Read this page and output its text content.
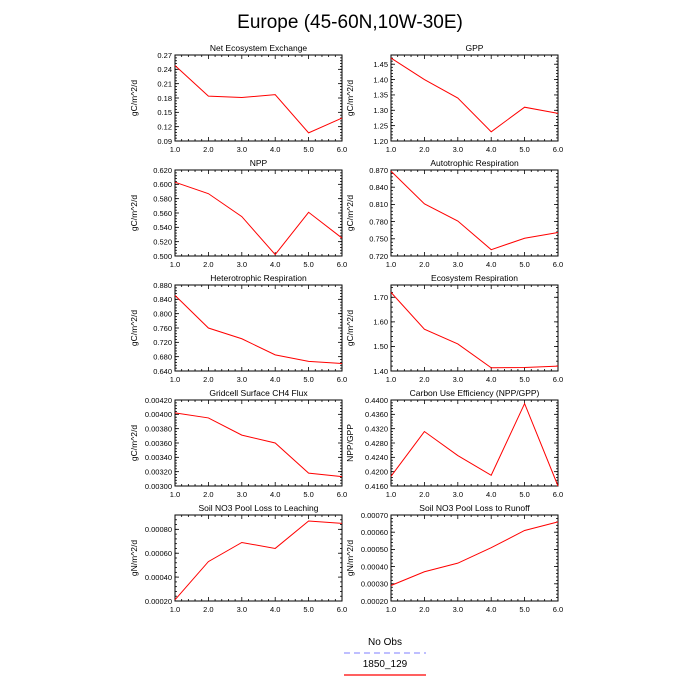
Europe (45-60N,10W-30E)
Net Ecosystem Exchange
gC/m^2/d
1.0	2.0	3.0	4.0	5.0	6.0
0.09
0.12
0.15
0.18
0.21
0.24
0.27
GPP
gC/m^2/d
1.0	2.0	3.0	4.0	5.0	6.0
1.20
1.25
1.30
1.35
1.40
1.45
NPP
gC/m^2/d
1.0	2.0	3.0	4.0	5.0	6.0
0.500
0.520
0.540
0.560
0.580
0.600
0.620
Autotrophic Respiration
gC/m^2/d
1.0	2.0	3.0	4.0	5.0	6.0
0.720
0.750
0.780
0.810
0.840
0.870
Heterotrophic Respiration
gC/m^2/d
1.0	2.0	3.0	4.0	5.0	6.0
0.640
0.680
0.720
0.760
0.800
0.840
0.880
Ecosystem Respiration
gC/m^2/d
1.0	2.0	3.0	4.0	5.0	6.0
1.40
1.50
1.60
1.70
Gridcell Surface CH4 Flux
gC/m^2/d
1.0	2.0	3.0	4.0	5.0	6.0
0.00300
0.00320
0.00340
0.00360
0.00380
0.00400
0.00420
Carbon Use Efficiency (NPP/GPP)
NPP/GPP
1.0	2.0	3.0	4.0	5.0	6.0
0.4160
0.4200
0.4240
0.4280
0.4320
0.4360
0.4400
Soil NO3 Pool Loss to Leaching
gN/m^2/d
1.0	2.0	3.0	4.0	5.0	6.0
0.00020
0.00040
0.00060
0.00080
Soil NO3 Pool Loss to Runoff
gN/m^2/d
1.0	2.0	3.0	4.0	5.0	6.0
0.00020
0.00030
0.00040
0.00050
0.00060
0.00070
No Obs
1850_129
